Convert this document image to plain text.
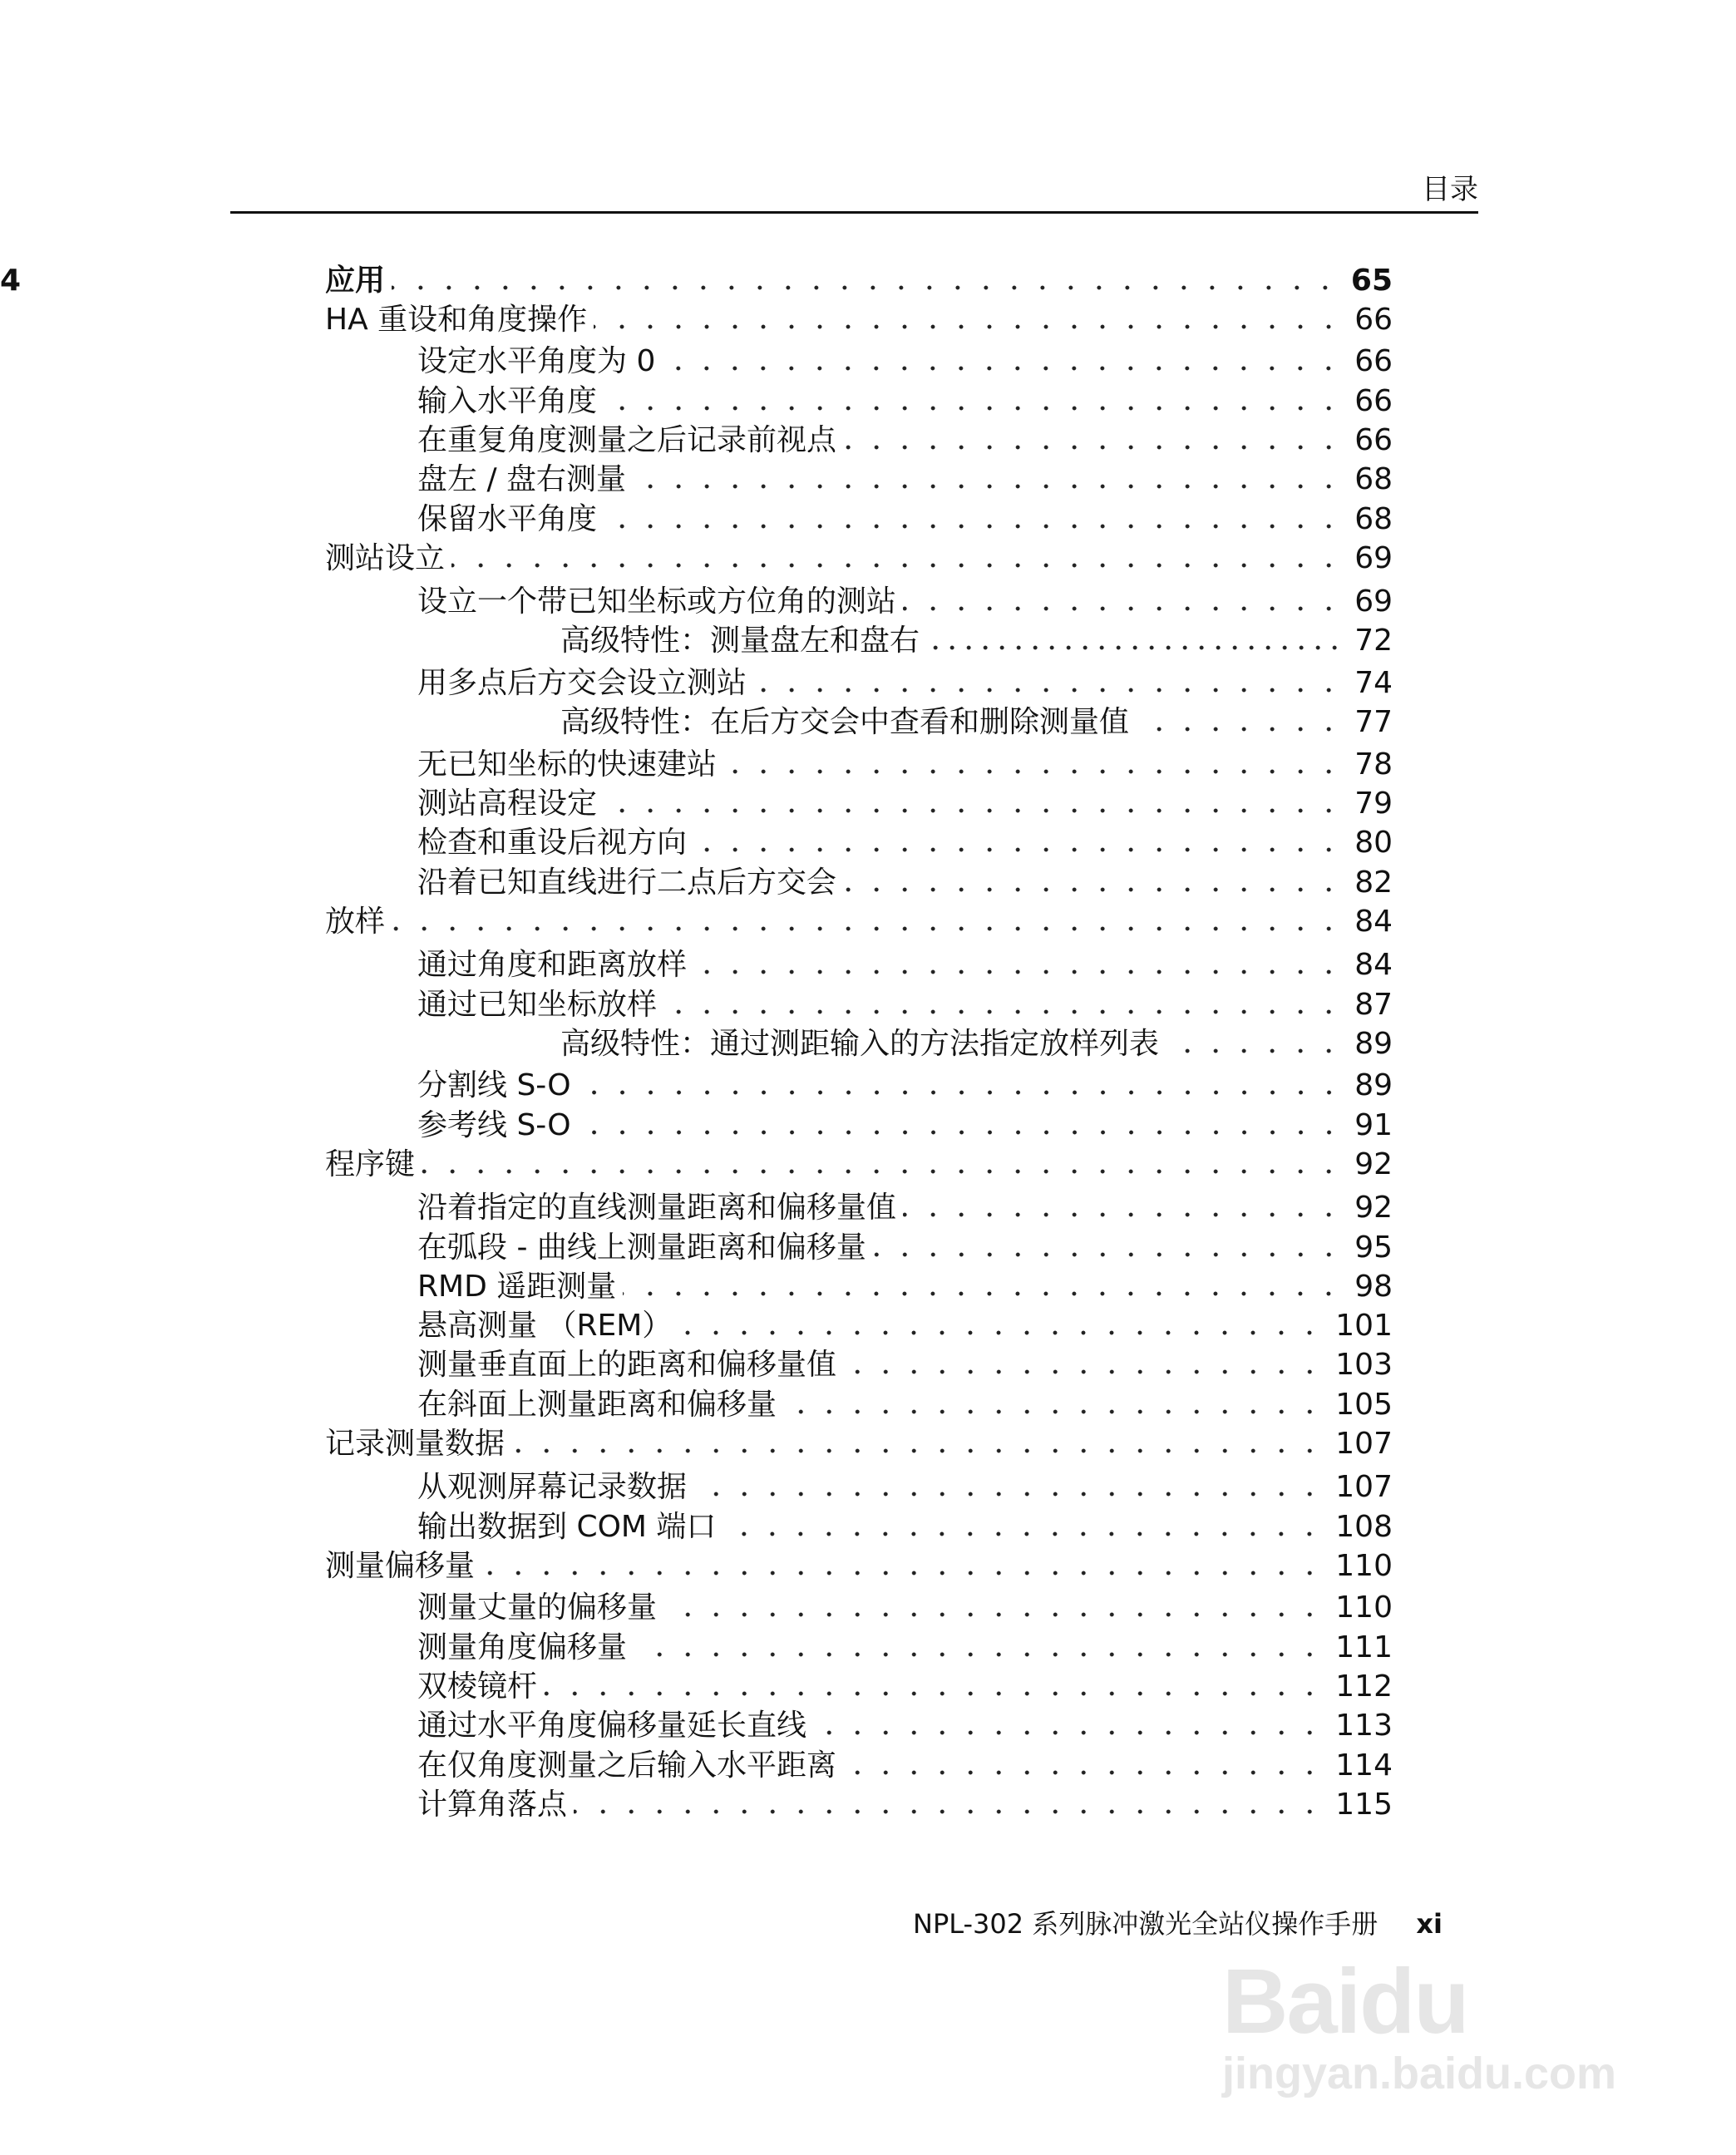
目录
4	应用	65
HA 重设和角度操作	66
设定水平角度为 0	66
输入水平角度	66
在重复角度测量之后记录前视点	66
盘左 / 盘右测量	68
保留水平角度	68
测站设立	69
设立一个带已知坐标或方位角的测站	69
高级特性：测量盘左和盘右	72
用多点后方交会设立测站	74
高级特性：在后方交会中查看和删除测量值	77
无已知坐标的快速建站	78
测站高程设定	79
检查和重设后视方向	80
沿着已知直线进行二点后方交会	82
放样	84
通过角度和距离放样	84
通过已知坐标放样	87
高级特性：通过测距输入的方法指定放样列表	89
分割线 S-O	89
参考线 S-O	91
程序键	92
沿着指定的直线测量距离和偏移量值	92
在弧段 - 曲线上测量距离和偏移量	95
RMD 遥距测量	98
悬高测量 （REM）	101
测量垂直面上的距离和偏移量值	103
在斜面上测量距离和偏移量	105
记录测量数据	107
从观测屏幕记录数据	107
输出数据到 COM 端口	108
测量偏移量	110
测量丈量的偏移量	110
测量角度偏移量	111
双棱镜杆	112
通过水平角度偏移量延长直线	113
在仅角度测量之后输入水平距离	114
计算角落点	115
NPL-302 系列脉冲激光全站仪操作手册 xi
Baidu
jingyan.baidu.com
